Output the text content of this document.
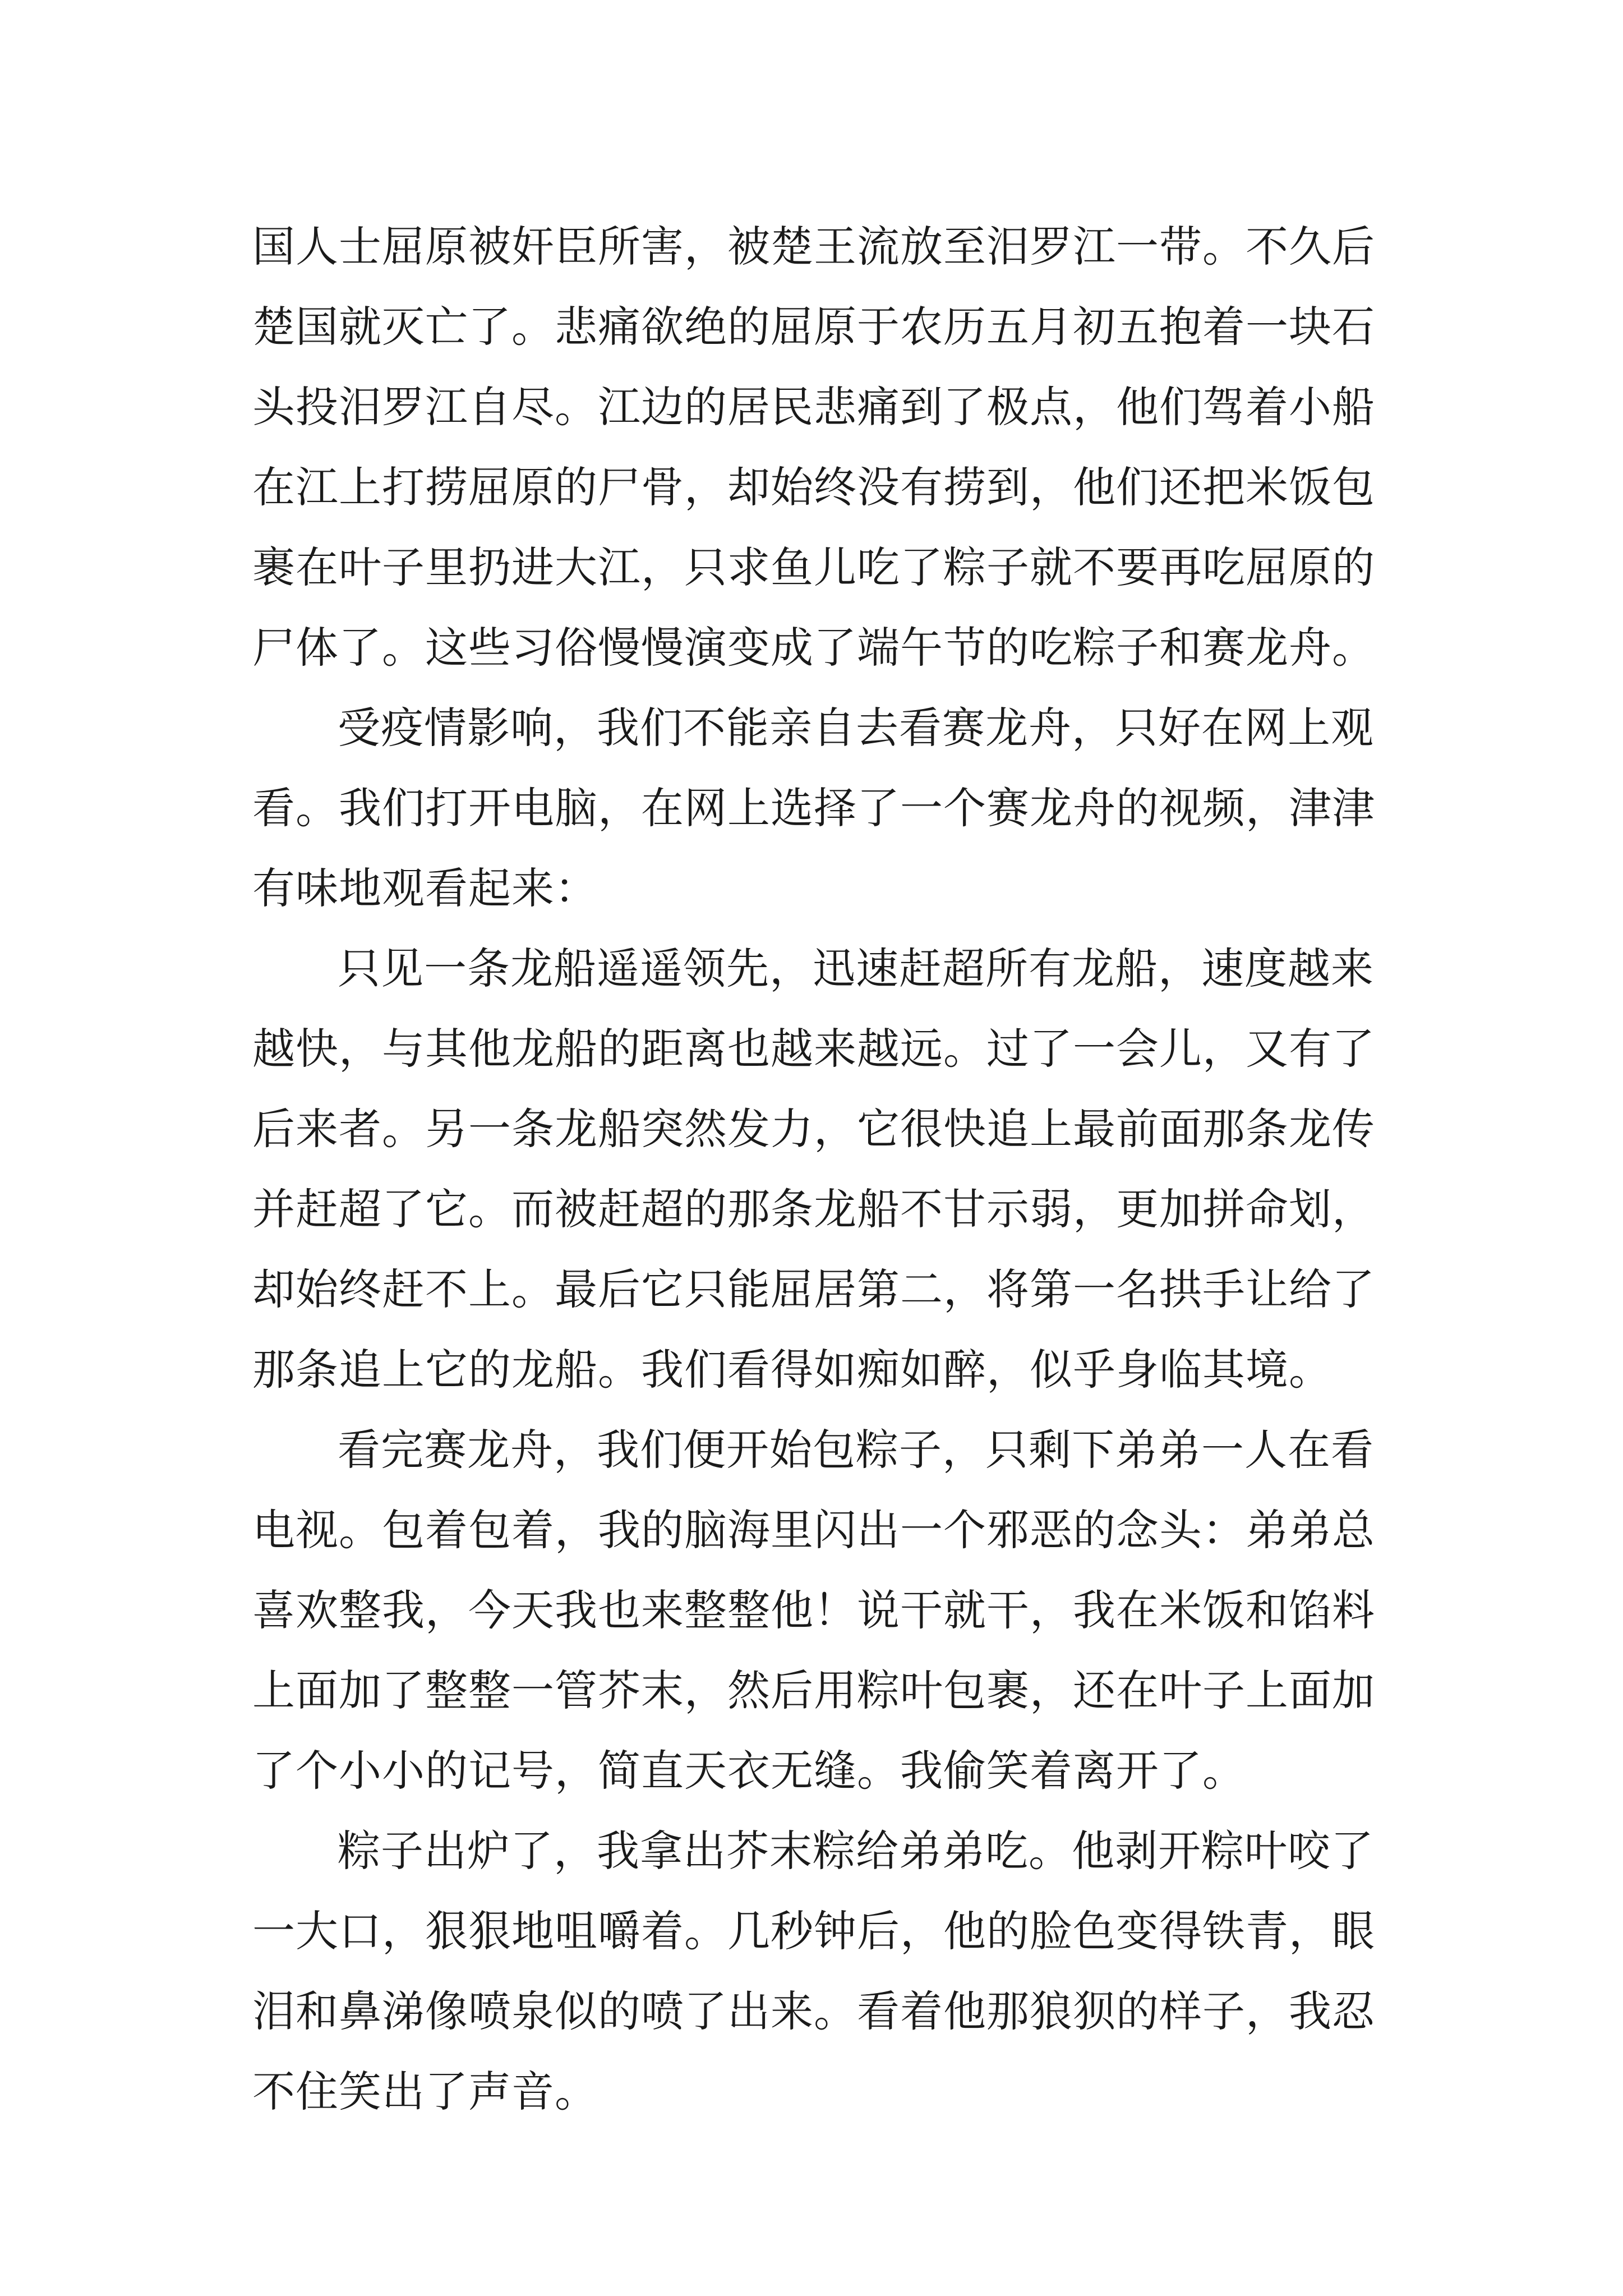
国人士屈原被奸臣所害，被楚王流放至汨罗江一带。不久后
楚国就灭亡了。悲痛欲绝的屈原于农历五月初五抱着一块石
头投汨罗江自尽。江边的居民悲痛到了极点，他们驾着小船
在江上打捞屈原的尸骨，却始终没有捞到，他们还把米饭包
裹在叶子里扔进大江，只求鱼儿吃了粽子就不要再吃屈原的
尸体了。这些习俗慢慢演变成了端午节的吃粽子和赛龙舟。
受疫情影响，我们不能亲自去看赛龙舟，只好在网上观
看。我们打开电脑，在网上选择了一个赛龙舟的视频，津津
有味地观看起来：
只见一条龙船遥遥领先，迅速赶超所有龙船，速度越来
越快，与其他龙船的距离也越来越远。过了一会儿，又有了
后来者。另一条龙船突然发力，它很快追上最前面那条龙传
并赶超了它。而被赶超的那条龙船不甘示弱，更加拼命划，
却始终赶不上。最后它只能屈居第二，将第一名拱手让给了
那条追上它的龙船。我们看得如痴如醉，似乎身临其境。
看完赛龙舟，我们便开始包粽子，只剩下弟弟一人在看
电视。包着包着，我的脑海里闪出一个邪恶的念头：弟弟总
喜欢整我，今天我也来整整他！说干就干，我在米饭和馅料
上面加了整整一管芥末，然后用粽叶包裹，还在叶子上面加
了个小小的记号，简直天衣无缝。我偷笑着离开了。
粽子出炉了，我拿出芥末粽给弟弟吃。他剥开粽叶咬了
一大口，狠狠地咀嚼着。几秒钟后，他的脸色变得铁青，眼
泪和鼻涕像喷泉似的喷了出来。看着他那狼狈的样子，我忍
不住笑出了声音。
